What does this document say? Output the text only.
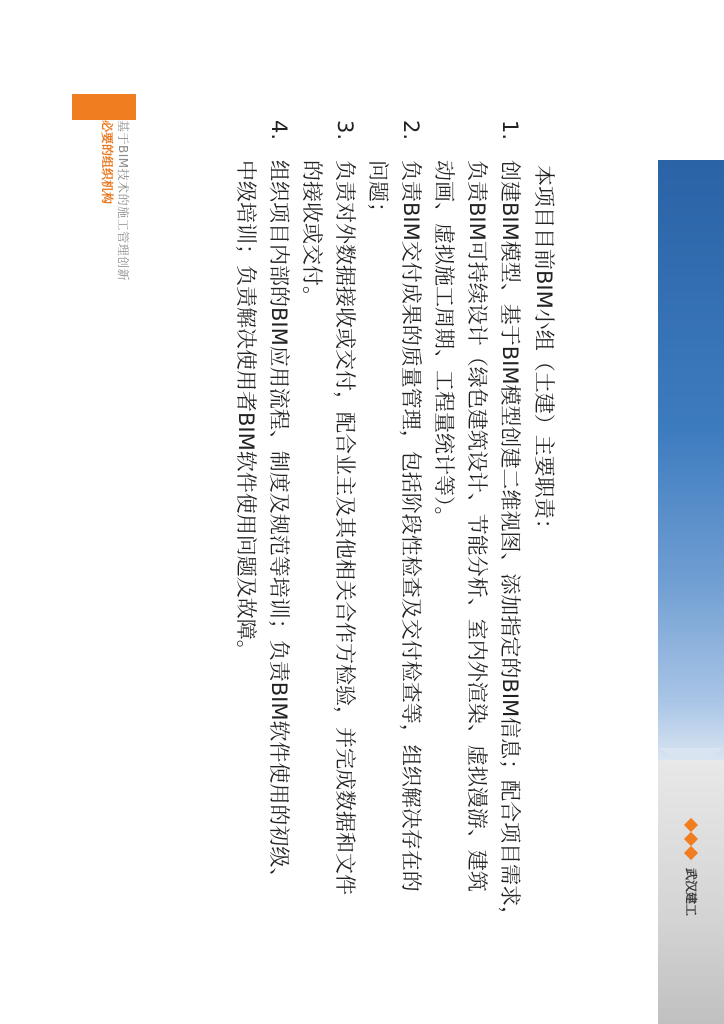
武汉建工
基于BIM技术的施工管理创新
必要的组织机构
本项目目前BIM小组（土建）主要职责：
1.创建BIM模型、基于BIM模型创建二维视图、添加指定的BIM信息；配合项目需求，
负责BIM可持续设计（绿色建筑设计、节能分析、室内外渲染、虚拟漫游、建筑
动画、虚拟施工周期、工程量统计等）。
2.负责BIM交付成果的质量管理，包括阶段性检查及交付检查等，组织解决存在的
问题；
3.负责对外数据接收或交付，配合业主及其他相关合作方检验，并完成数据和文件
的接收或交付。
4.组织项目内部的BIM应用流程、制度及规范等培训；负责BIM软件使用的初级、
中级培训；负责解决使用者BIM软件使用问题及故障。
